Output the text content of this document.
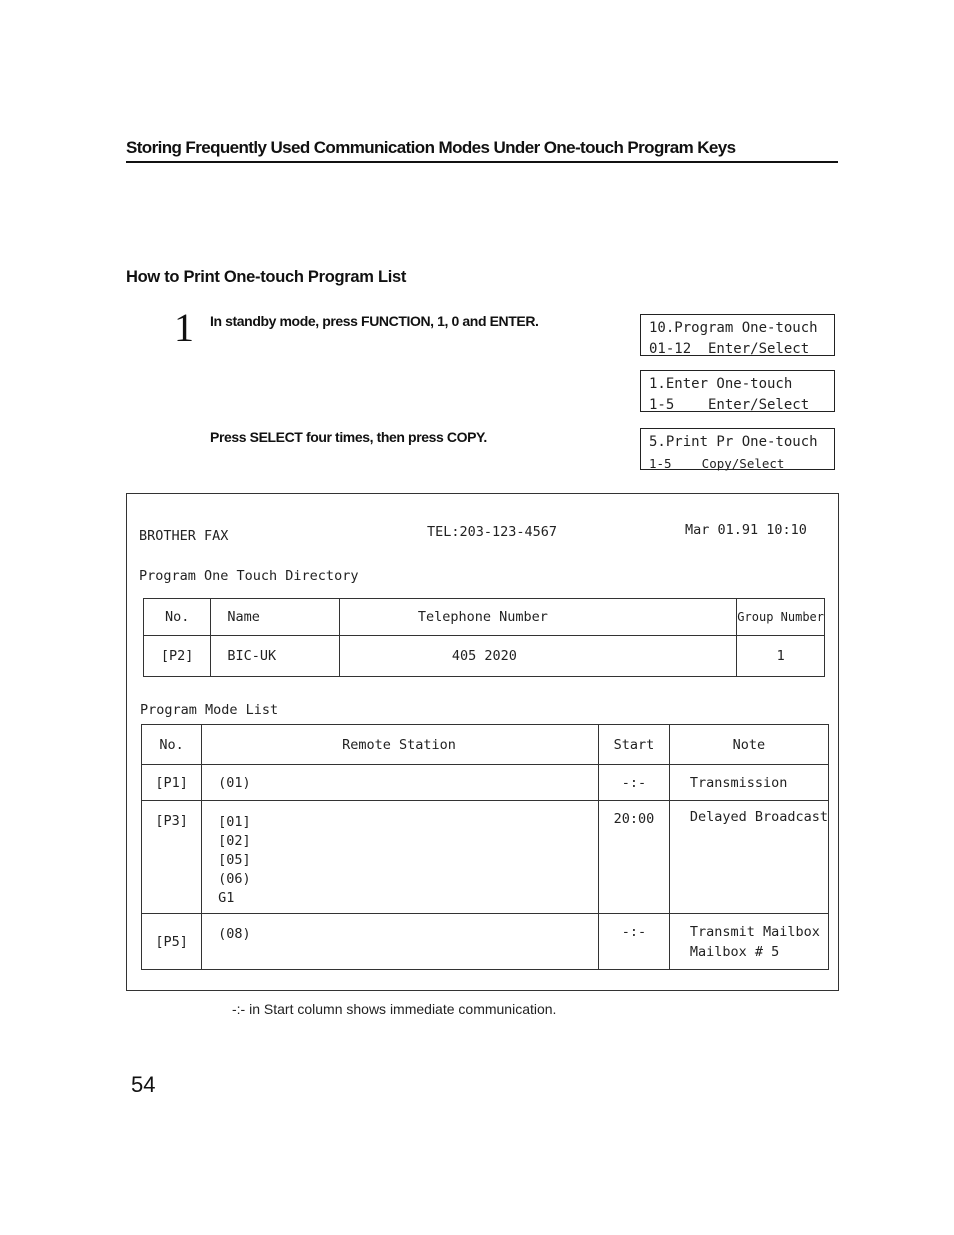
Storing Frequently Used Communication Modes Under One-touch Program Keys
How to Print One-touch Program List
1 In standby mode, press FUNCTION, 1, 0 and ENTER.
Press SELECT four times, then press COPY.
10.Program One-touch
01-12  Enter/Select
1.Enter One-touch
1-5    Enter/Select
5.Print Pr One-touch
1-5    Copy/Select
BROTHER FAX	TEL:203-123-4567	Mar 01.91 10:10
Program One Touch Directory
No.	Name	Telephone Number	Group Number
[P2]	BIC-UK	405 2020	1
Program Mode List
No.	Remote Station	Start	Note
[P1]	(01)	-:-	Transmission
[P3]	[01]
[02]
[05]
(06)
G1	20:00	Delayed Broadcast
[P5]	(08)	-:-	Transmit Mailbox
Mailbox # 5
-:- in Start column shows immediate communication.
54
